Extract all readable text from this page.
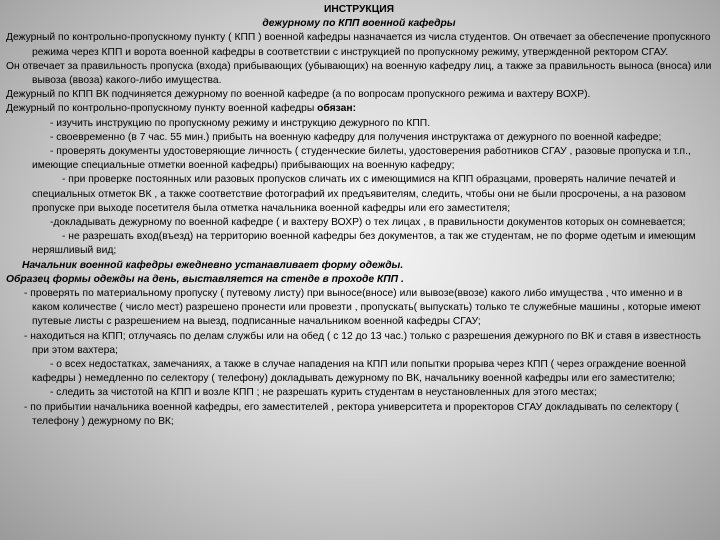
ИНСТРУКЦИЯ

дежурному по КПП военной кафедры

Дежурный по контрольно-пропускному пункту ( КПП ) военной кафедры назначается из числа студентов. Он отвечает за обеспечение пропускного режима через КПП и ворота военной кафедры в соответствии с инструкцией по пропускному режиму, утвержденной ректором СГАУ.

Он отвечает за правильность пропуска (входа) прибывающих (убывающих) на военную кафедру лиц, а также за правильность выноса (вноса) или вывоза (ввоза) какого-либо имущества.

Дежурный по КПП ВК подчиняется дежурному по военной кафедре (а по вопросам пропускного режима и вахтеру ВОХР).

Дежурный по контрольно-пропускному пункту военной кафедры обязан:

- изучить инструкцию по пропускному режиму и инструкцию дежурного по КПП.

- своевременно (в 7 час. 55 мин.) прибыть на военную кафедру для получения инструктажа от дежурного по военной кафедре;

- проверять документы удостоверяющие личность ( студенческие билеты, удостоверения работников СГАУ , разовые пропуска и т.п., имеющие специальные отметки военной кафедры) прибывающих на военную кафедру;

- при проверке постоянных или разовых пропусков сличать их с имеющимися на КПП образцами, проверять наличие печатей и специальных отметок ВК , а также соответствие фотографий их предъявителям, следить, чтобы они не были просрочены, а на разовом пропуске при выходе посетителя была отметка начальника военной кафедры или его заместителя;

-докладывать дежурному по военной кафедре ( и вахтеру ВОХР) о тех лицах , в правильности документов которых он сомневается;

- не разрешать вход(въезд) на территорию военной кафедры без документов, а так же студентам, не по форме одетым и имеющим неряшливый вид;

Начальник военной кафедры ежедневно устанавливает форму одежды.

Образец формы одежды на день, выставляется на стенде в проходе КПП .

- проверять по материальному пропуску ( путевому листу) при выносе(вносе) или вывозе(ввозе) какого либо имущества , что именно и в каком количестве ( число мест) разрешено пронести или провезти , пропускать( выпускать) только те служебные машины , которые имеют путевые листы с разрешением на выезд, подписанные начальником военной кафедры СГАУ;

- находиться на КПП; отлучаясь по делам службы или на обед ( с 12 до 13 час.) только с разрешения дежурного по ВК и ставя в известность при этом вахтера;

- о всех недостатках, замечаниях, а также в случае нападения на КПП или попытки прорыва через КПП ( через ограждение военной кафедры ) немедленно по селектору ( телефону) докладывать дежурному по ВК, начальнику военной кафедры или его заместителю;

- следить за чистотой на КПП и возле КПП ; не разрешать курить студентам в неустановленных для этого местах;

- по прибытии начальника военной кафедры, его заместителей , ректора университета и проректоров СГАУ докладывать по селектору ( телефону ) дежурному по ВК;
